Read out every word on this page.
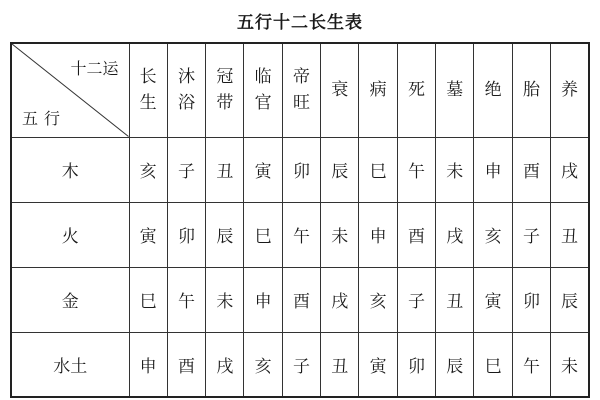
五行十二长生表
十二运
五行	长生	沐浴	冠带	临官	帝旺	衰	病	死	墓	绝	胎	养
木	亥	子	丑	寅	卯	辰	巳	午	未	申	酉	戌
火	寅	卯	辰	巳	午	未	申	酉	戌	亥	子	丑
金	巳	午	未	申	酉	戌	亥	子	丑	寅	卯	辰
水土	申	酉	戌	亥	子	丑	寅	卯	辰	巳	午	未
